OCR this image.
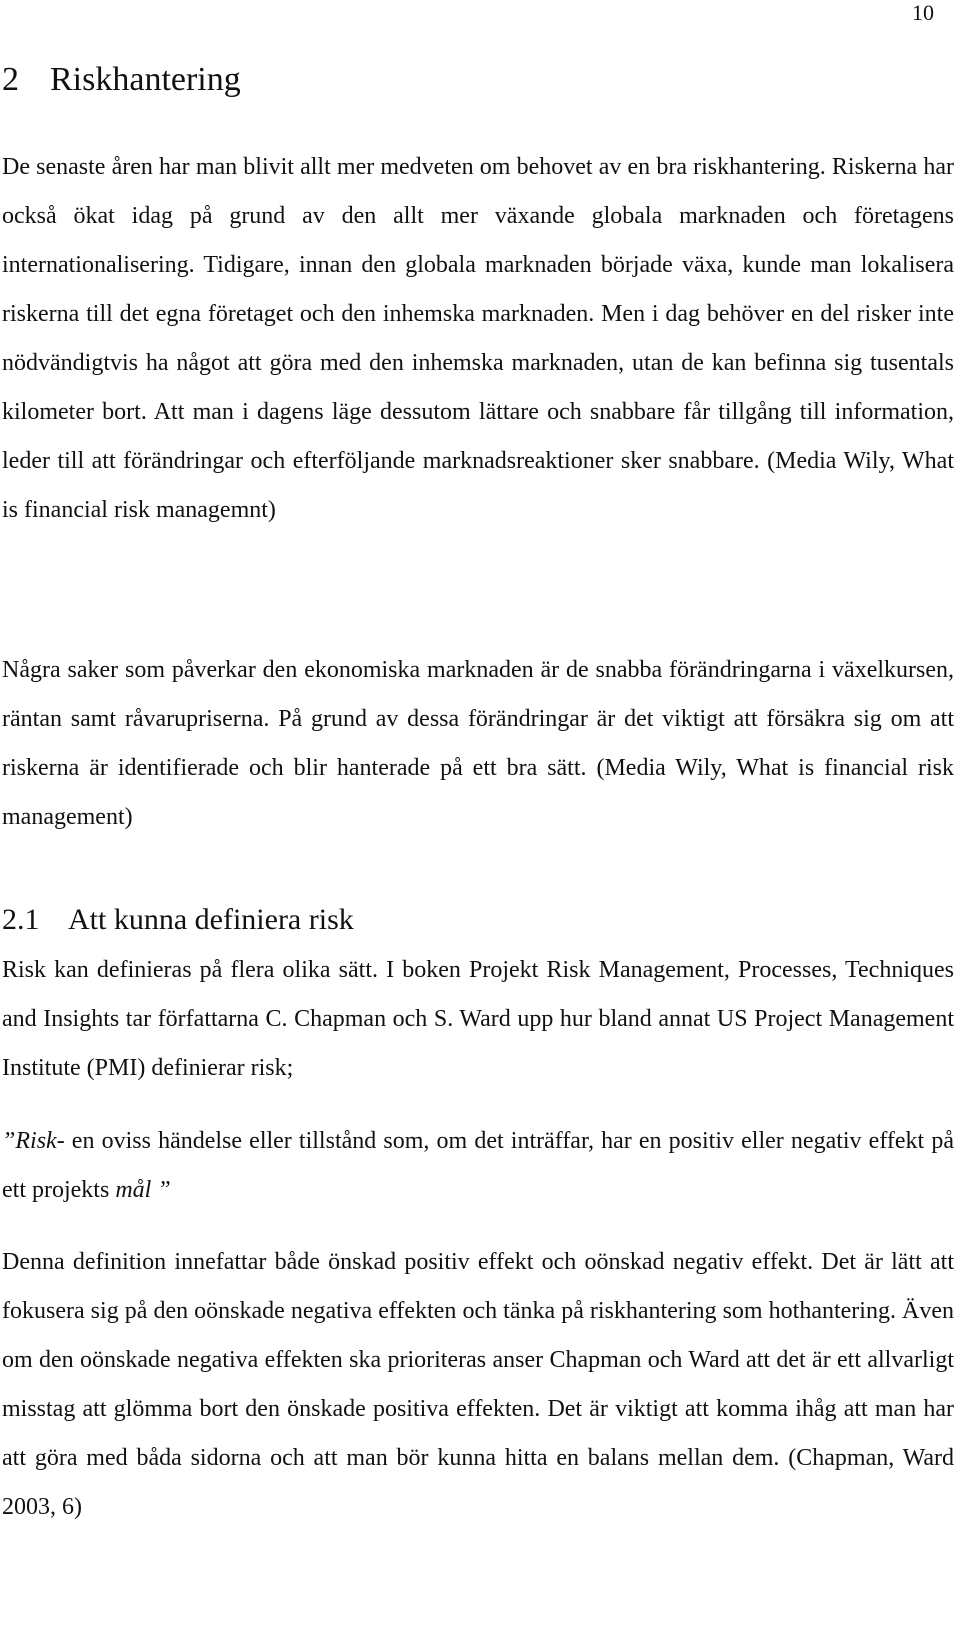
10
2 Riskhantering

De senaste åren har man blivit allt mer medveten om behovet av en bra riskhantering. Riskerna har också ökat idag på grund av den allt mer växande globala marknaden och företagens internationalisering. Tidigare, innan den globala marknaden började växa, kunde man lokalisera riskerna till det egna företaget och den inhemska marknaden. Men i dag behöver en del risker inte nödvändigtvis ha något att göra med den inhemska marknaden, utan de kan befinna sig tusentals kilometer bort. Att man i dagens läge dessutom lättare och snabbare får tillgång till information, leder till att förändringar och efterföljande marknadsreaktioner sker snabbare. (Media Wily, What is financial risk managemnt)

Några saker som påverkar den ekonomiska marknaden är de snabba förändringarna i växelkursen, räntan samt råvarupriserna. På grund av dessa förändringar är det viktigt att försäkra sig om att riskerna är identifierade och blir hanterade på ett bra sätt. (Media Wily, What is financial risk management)

2.1 Att kunna definiera risk

Risk kan definieras på flera olika sätt. I boken Projekt Risk Management, Processes, Techniques and Insights tar författarna C. Chapman och S. Ward upp hur bland annat US Project Management Institute (PMI) definierar risk;

”Risk- en oviss händelse eller tillstånd som, om det inträffar, har en positiv eller negativ effekt på ett projekts mål ”

Denna definition innefattar både önskad positiv effekt och oönskad negativ effekt. Det är lätt att fokusera sig på den oönskade negativa effekten och tänka på riskhantering som hothantering. Även om den oönskade negativa effekten ska prioriteras anser Chapman och Ward att det är ett allvarligt misstag att glömma bort den önskade positiva effekten. Det är viktigt att komma ihåg att man har att göra med båda sidorna och att man bör kunna hitta en balans mellan dem. (Chapman, Ward 2003, 6)
